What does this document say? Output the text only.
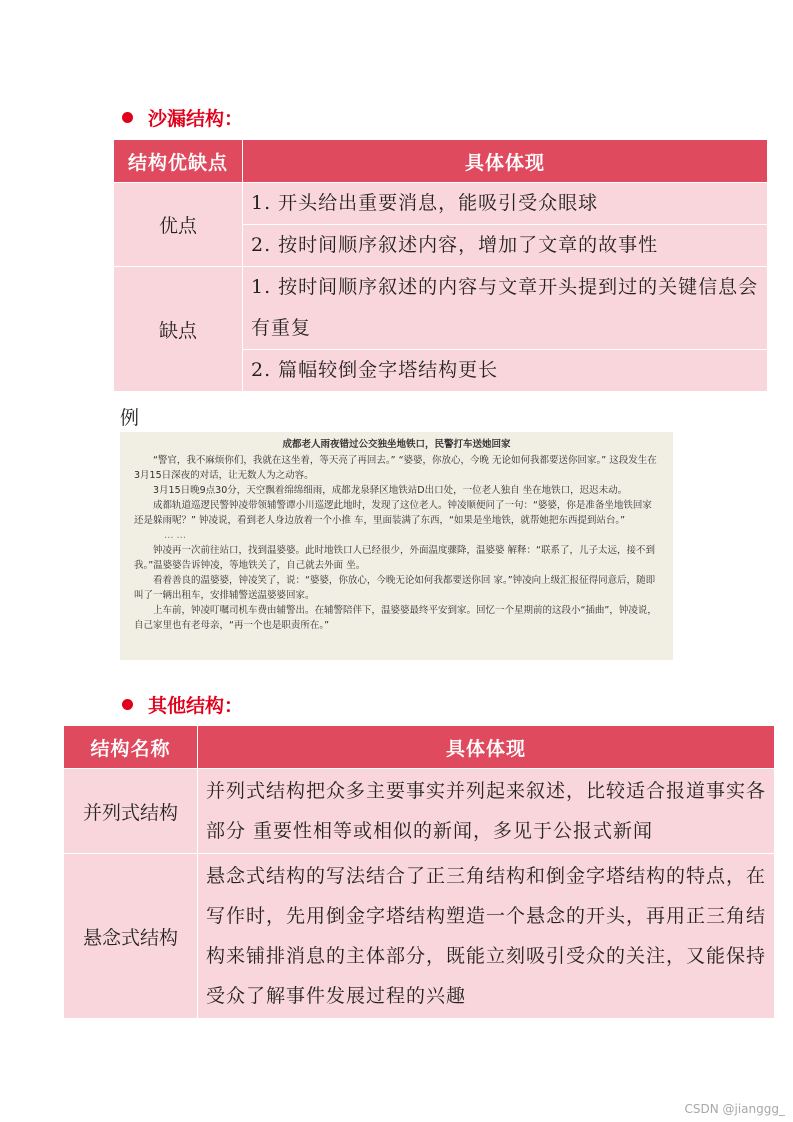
沙漏结构：
结构优缺点	具体体现
优点	1. 开头给出重要消息，能吸引受众眼球
	2. 按时间顺序叙述内容，增加了文章的故事性
缺点	1. 按时间顺序叙述的内容与文章开头提到过的关键信息会有重复
	2. 篇幅较倒金字塔结构更长
例
成都老人雨夜错过公交独坐地铁口，民警打车送她回家

“警官，我不麻烦你们，我就在这坐着，等天亮了再回去。” “婆婆，你放心，今晚 无论如何我都要送你回家。” 这段发生在3月15日深夜的对话，让无数人为之动容。

3月15日晚9点30分，天空飘着绵绵细雨，成都龙泉驿区地铁站D出口处，一位老人独自 坐在地铁口，迟迟未动。

成都轨道巡逻民警钟凌带领辅警谭小川巡逻此地时，发现了这位老人。钟凌顺便问了一句：“婆婆，你是准备坐地铁回家还是躲雨呢？” 钟凌说，看到老人身边放着一个小推 车，里面装满了东西，“如果是坐地铁，就帮她把东西提到站台。”

… …

钟凌再一次前往站口，找到温婆婆。此时地铁口人已经很少，外面温度骤降，温婆婆 解释：“联系了，儿子太远，接不到我。”温婆婆告诉钟凌，等地铁关了，自己就去外面 坐。

看着善良的温婆婆，钟凌笑了，说：“婆婆，你放心，今晚无论如何我都要送你回 家。”钟凌向上级汇报征得同意后，随即叫了一辆出租车，安排辅警送温婆婆回家。

上车前，钟凌叮嘱司机车费由辅警出。在辅警陪伴下，温婆婆最终平安到家。回忆一个星期前的这段小“插曲”，钟凌说，自己家里也有老母亲，“再一个也是职责所在。”

其他结构：
结构名称	具体体现
并列式结构	并列式结构把众多主要事实并列起来叙述，比较适合报道事实各部分 重要性相等或相似的新闻，多见于公报式新闻
悬念式结构	悬念式结构的写法结合了正三角结构和倒金字塔结构的特点，在写作时，先用倒金字塔结构塑造一个悬念的开头，再用正三角结构来铺排消息的主体部分，既能立刻吸引受众的关注，又能保持受众了解事件发展过程的兴趣
CSDN @jianggg_
